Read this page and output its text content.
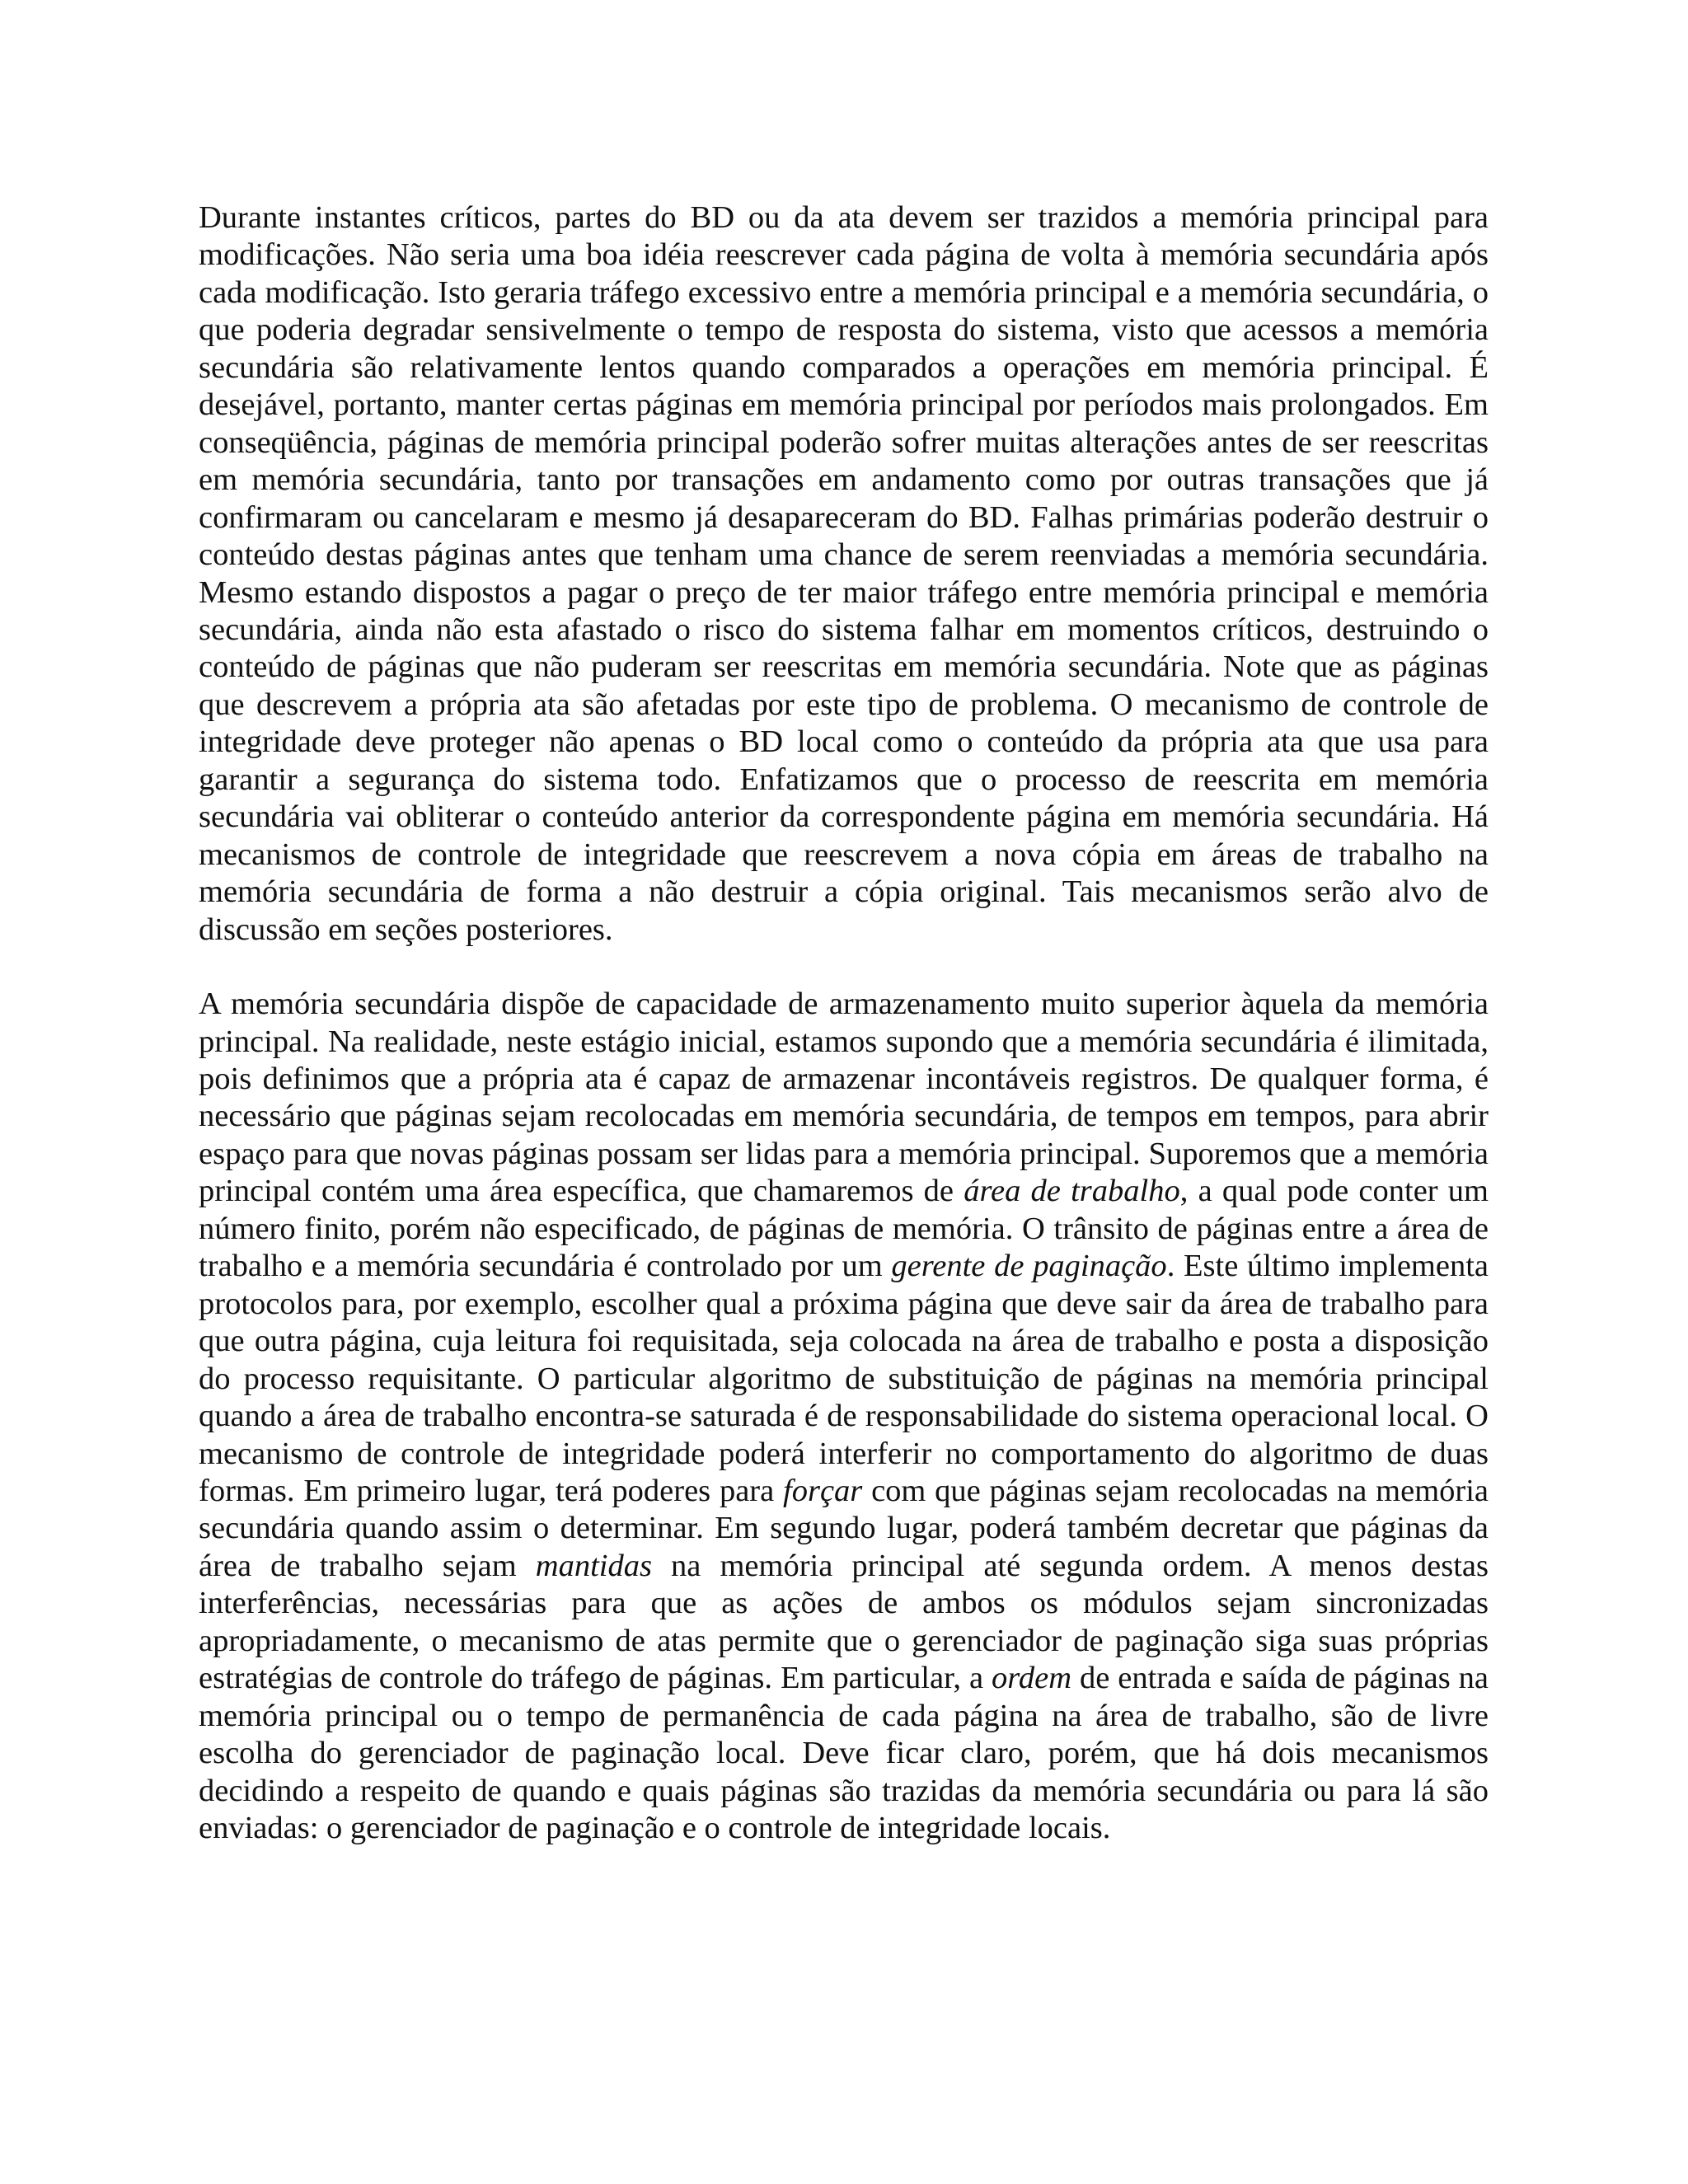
Durante instantes críticos, partes do BD ou da ata devem ser trazidos a memória principal para modificações. Não seria uma boa idéia reescrever cada página de volta à memória secundária após cada modificação. Isto geraria tráfego excessivo entre a memória principal e a memória secundária, o que poderia degradar sensivelmente o tempo de resposta do sistema, visto que acessos a memória secundária são relativamente lentos quando comparados a operações em memória principal. É desejável, portanto, manter certas páginas em memória principal por períodos mais prolongados. Em conseqüência, páginas de memória principal poderão sofrer muitas alterações antes de ser reescritas em memória secundária, tanto por transações em andamento como por outras transações que já confirmaram ou cancelaram e mesmo já desapareceram do BD. Falhas primárias poderão destruir o conteúdo destas páginas antes que tenham uma chance de serem reenviadas a memória secundária. Mesmo estando dispostos a pagar o preço de ter maior tráfego entre memória principal e memória secundária, ainda não esta afastado o risco do sistema falhar em momentos críticos, destruindo o conteúdo de páginas que não puderam ser reescritas em memória secundária. Note que as páginas que descrevem a própria ata são afetadas por este tipo de problema. O mecanismo de controle de integridade deve proteger não apenas o BD local como o conteúdo da própria ata que usa para garantir a segurança do sistema todo. Enfatizamos que o processo de reescrita em memória secundária vai obliterar o conteúdo anterior da correspondente página em memória secundária. Há mecanismos de controle de integridade que reescrevem a nova cópia em áreas de trabalho na memória secundária de forma a não destruir a cópia original. Tais mecanismos serão alvo de discussão em seções posteriores.

A memória secundária dispõe de capacidade de armazenamento muito superior àquela da memória principal. Na realidade, neste estágio inicial, estamos supondo que a memória secundária é ilimitada, pois definimos que a própria ata é capaz de armazenar incontáveis registros. De qualquer forma, é necessário que páginas sejam recolocadas em memória secundária, de tempos em tempos, para abrir espaço para que novas páginas possam ser lidas para a memória principal. Suporemos que a memória principal contém uma área específica, que chamaremos de área de trabalho, a qual pode conter um número finito, porém não especificado, de páginas de memória. O trânsito de páginas entre a área de trabalho e a memória secundária é controlado por um gerente de paginação. Este último implementa protocolos para, por exemplo, escolher qual a próxima página que deve sair da área de trabalho para que outra página, cuja leitura foi requisitada, seja colocada na área de trabalho e posta a disposição do processo requisitante. O particular algoritmo de substituição de páginas na memória principal quando a área de trabalho encontra-se saturada é de responsabilidade do sistema operacional local. O mecanismo de controle de integridade poderá interferir no comportamento do algoritmo de duas formas. Em primeiro lugar, terá poderes para forçar com que páginas sejam recolocadas na memória secundária quando assim o determinar. Em segundo lugar, poderá também decretar que páginas da área de trabalho sejam mantidas na memória principal até segunda ordem. A menos destas interferências, necessárias para que as ações de ambos os módulos sejam sincronizadas apropriadamente, o mecanismo de atas permite que o gerenciador de paginação siga suas próprias estratégias de controle do tráfego de páginas. Em particular, a ordem de entrada e saída de páginas na memória principal ou o tempo de permanência de cada página na área de trabalho, são de livre escolha do gerenciador de paginação local. Deve ficar claro, porém, que há dois mecanismos decidindo a respeito de quando e quais páginas são trazidas da memória secundária ou para lá são enviadas: o gerenciador de paginação e o controle de integridade locais.
